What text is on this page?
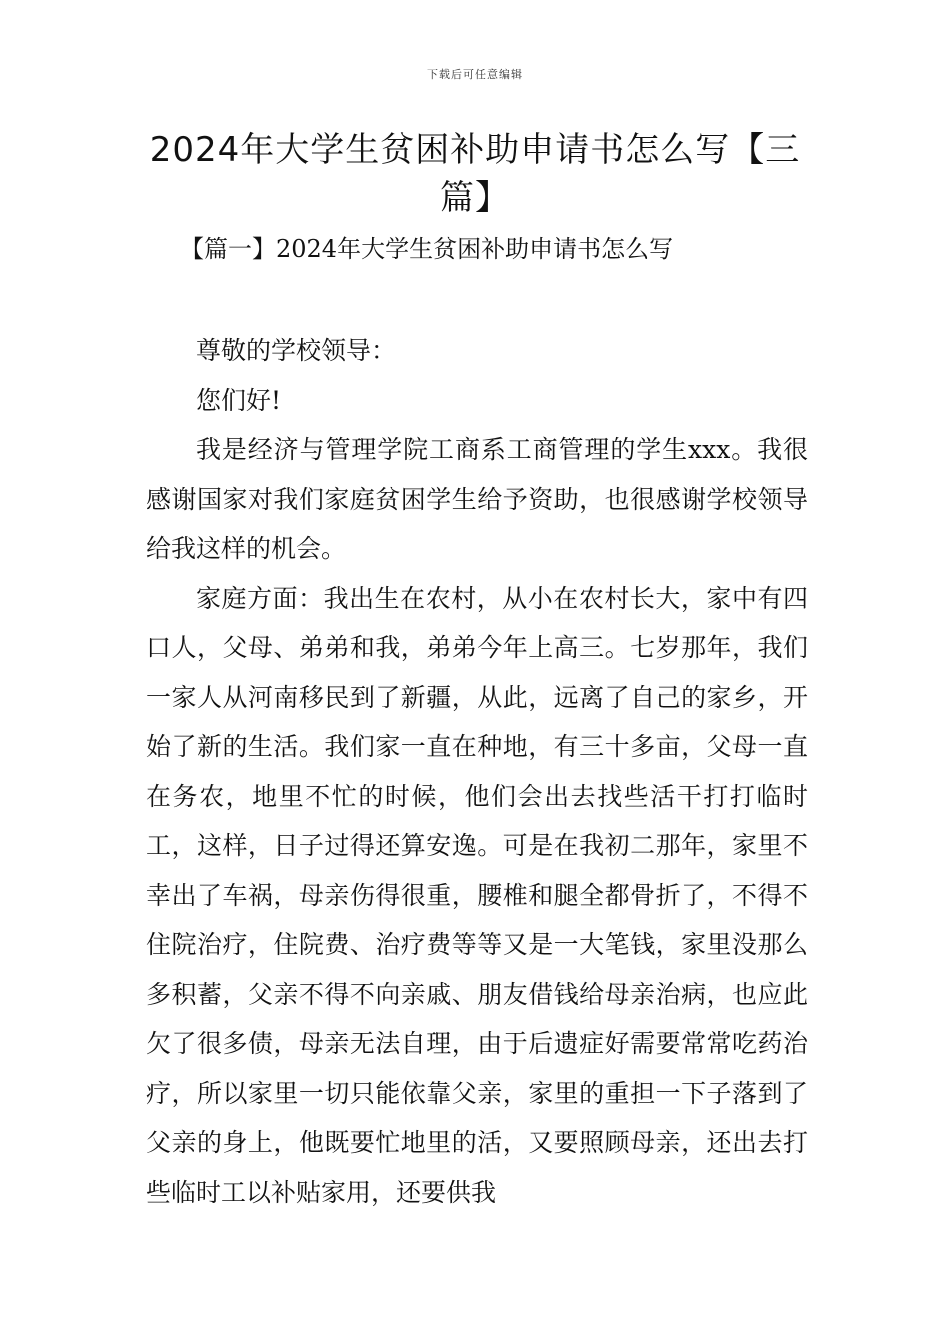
下载后可任意编辑
2024年大学生贫困补助申请书怎么写【三篇】
【篇一】2024年大学生贫困补助申请书怎么写

尊敬的学校领导：

您们好!

我是经济与管理学院工商系工商管理的学生xxx。我很感谢国家对我们家庭贫困学生给予资助，也很感谢学校领导给我这样的机会。

家庭方面：我出生在农村，从小在农村长大，家中有四口人，父母、弟弟和我，弟弟今年上高三。七岁那年，我们一家人从河南移民到了新疆，从此，远离了自己的家乡，开始了新的生活。我们家一直在种地，有三十多亩，父母一直在务农，地里不忙的时候，他们会出去找些活干打打临时工，这样，日子过得还算安逸。可是在我初二那年，家里不幸出了车祸，母亲伤得很重，腰椎和腿全都骨折了，不得不住院治疗，住院费、治疗费等等又是一大笔钱，家里没那么多积蓄，父亲不得不向亲戚、朋友借钱给母亲治病，也应此欠了很多债，母亲无法自理，由于后遗症好需要常常吃药治疗，所以家里一切只能依靠父亲，家里的重担一下子落到了父亲的身上，他既要忙地里的活，又要照顾母亲，还出去打些临时工以补贴家用，还要供我
